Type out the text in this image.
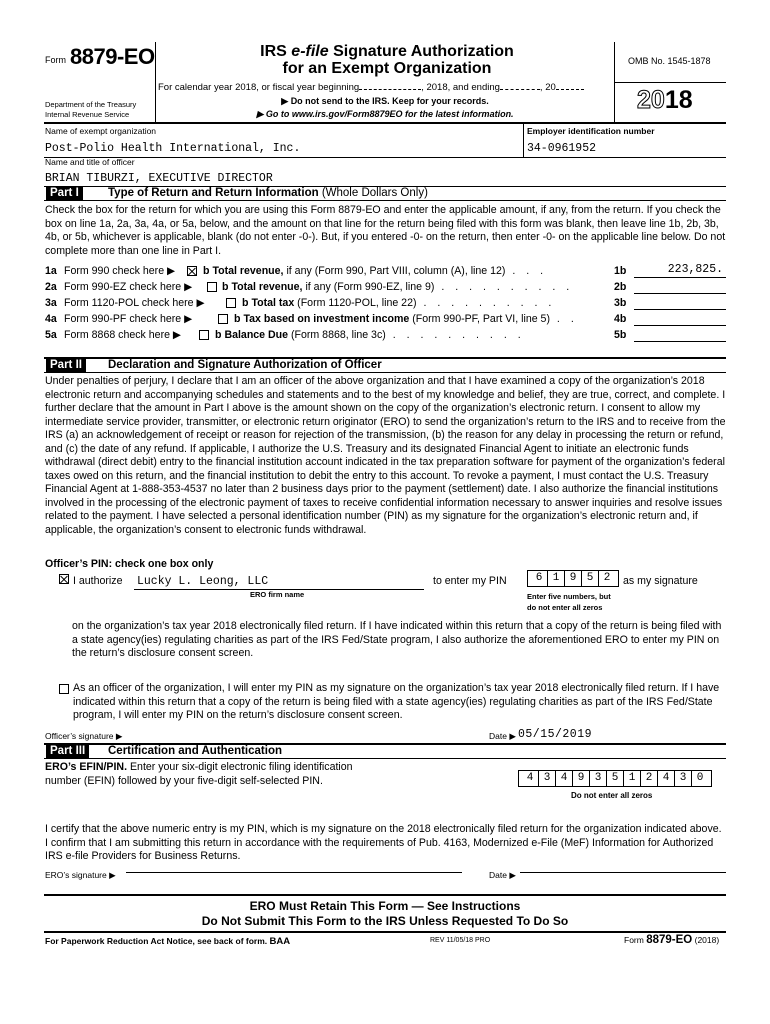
Form 8879-EO	IRS e-file Signature Authorization
for an Exempt Organization
For calendar year 2018, or fiscal year beginning	, 2018, and ending	, 20
▶ Do not send to the IRS. Keep for your records.
▶ Go to www.irs.gov/Form8879EO for the latest information.
Department of the Treasury
Internal Revenue Service
OMB No. 1545-1878
2018
Name of exempt organization
Post-Polio Health International, Inc.
Employer identification number
34-0961952
Name and title of officer
BRIAN TIBURZI, EXECUTIVE DIRECTOR
Part I	Type of Return and Return Information (Whole Dollars Only)
Check the box for the return for which you are using this Form 8879-EO and enter the applicable amount, if any, from the return. If you check the box on line 1a, 2a, 3a, 4a, or 5a, below, and the amount on that line for the return being filed with this form was blank, then leave line 1b, 2b, 3b, 4b, or 5b, whichever is applicable, blank (do not enter -0-). But, if you entered -0- on the return, then enter -0- on the applicable line below. Do not complete more than one line in Part I.
1a Form 990 check here ▶	b Total revenue, if any (Form 990, Part VIII, column (A), line 12) . . .	1b	223,825.
2a Form 990-EZ check here ▶	b Total revenue, if any (Form 990-EZ, line 9) . . . . . . . . . .	2b
3a Form 1120-POL check here ▶	b Total tax (Form 1120-POL, line 22) . . . . . . . . . .	3b
4a Form 990-PF check here ▶	b Tax based on investment income (Form 990-PF, Part VI, line 5) . .	4b
5a Form 8868 check here ▶	b Balance Due (Form 8868, line 3c) . . . . . . . . . .	5b
Part II	Declaration and Signature Authorization of Officer
Under penalties of perjury, I declare that I am an officer of the above organization and that I have examined a copy of the organization’s 2018 electronic return and accompanying schedules and statements and to the best of my knowledge and belief, they are true, correct, and complete. I further declare that the amount in Part I above is the amount shown on the copy of the organization’s electronic return. I consent to allow my intermediate service provider, transmitter, or electronic return originator (ERO) to send the organization’s return to the IRS and to receive from the IRS (a) an acknowledgement of receipt or reason for rejection of the transmission, (b) the reason for any delay in processing the return or refund, and (c) the date of any refund. If applicable, I authorize the U.S. Treasury and its designated Financial Agent to initiate an electronic funds withdrawal (direct debit) entry to the financial institution account indicated in the tax preparation software for payment of the organization’s federal taxes owed on this return, and the financial institution to debit the entry to this account. To revoke a payment, I must contact the U.S. Treasury Financial Agent at 1-888-353-4537 no later than 2 business days prior to the payment (settlement) date. I also authorize the financial institutions involved in the processing of the electronic payment of taxes to receive confidential information necessary to answer inquiries and resolve issues related to the payment. I have selected a personal identification number (PIN) as my signature for the organization’s electronic return and, if applicable, the organization’s consent to electronic funds withdrawal.
Officer’s PIN: check one box only
I authorize Lucky L. Leong, LLC
ERO firm name
to enter my PIN	6 1 9 5 2	as my signature
Enter five numbers, but
do not enter all zeros
on the organization’s tax year 2018 electronically filed return. If I have indicated within this return that a copy of the return is being filed with a state agency(ies) regulating charities as part of the IRS Fed/State program, I also authorize the aforementioned ERO to enter my PIN on the return’s disclosure consent screen.
As an officer of the organization, I will enter my PIN as my signature on the organization’s tax year 2018 electronically filed return. If I have indicated within this return that a copy of the return is being filed with a state agency(ies) regulating charities as part of the IRS Fed/State program, I will enter my PIN on the return’s disclosure consent screen.
Officer’s signature ▶	Date ▶ 05/15/2019
Part III	Certification and Authentication
ERO’s EFIN/PIN. Enter your six-digit electronic filing identification
number (EFIN) followed by your five-digit self-selected PIN.	4 3 4 9 3 5 1 2 4 3 0
Do not enter all zeros
I certify that the above numeric entry is my PIN, which is my signature on the 2018 electronically filed return for the organization indicated above. I confirm that I am submitting this return in accordance with the requirements of Pub. 4163, Modernized e-File (MeF) Information for Authorized IRS e-file Providers for Business Returns.
ERO’s signature ▶	Date ▶
ERO Must Retain This Form — See Instructions
Do Not Submit This Form to the IRS Unless Requested To Do So
For Paperwork Reduction Act Notice, see back of form. BAA	REV 11/05/18 PRO	Form 8879-EO (2018)
